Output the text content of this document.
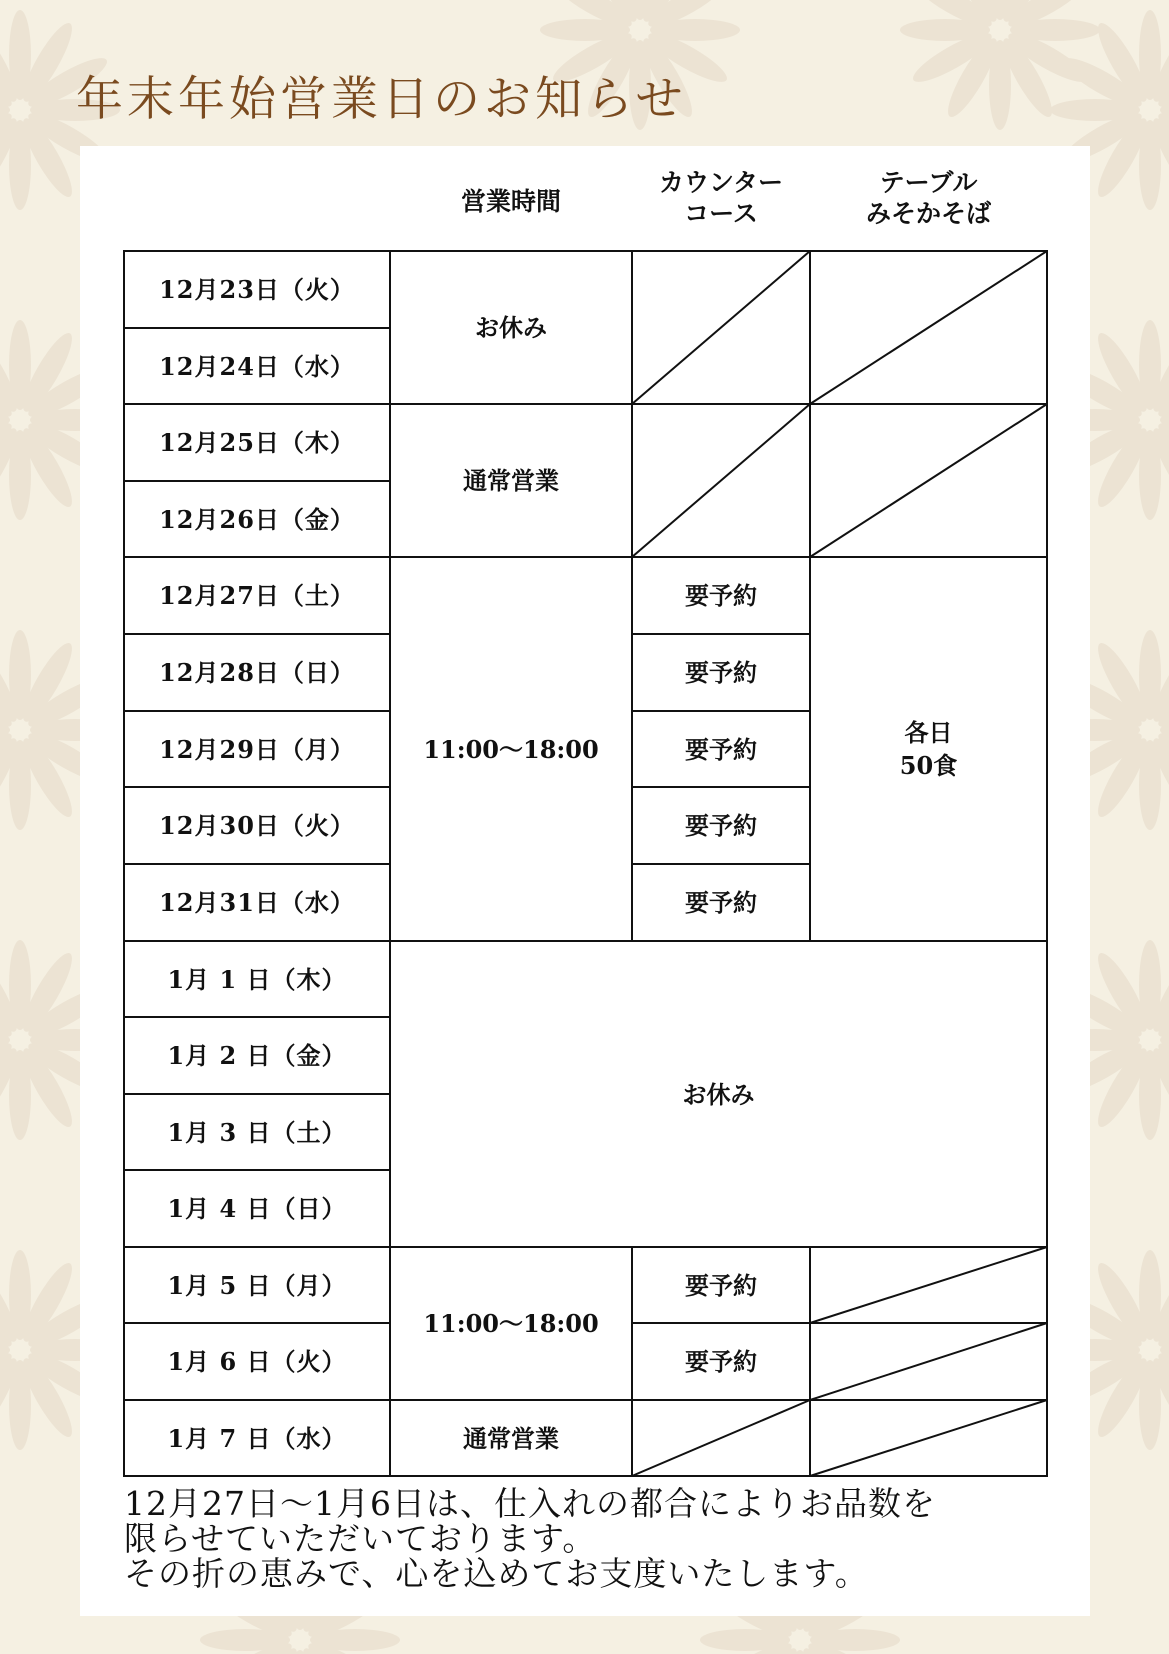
年末年始営業日のお知らせ
営業時間
カウンター
コース
テーブル
みそかそば
12月23日（火）
12月24日（水）
12月25日（木）
12月26日（金）
12月27日（土）
12月28日（日）
12月29日（月）
12月30日（火）
12月31日（水）
1月 1 日（木）
1月 2 日（金）
1月 3 日（土）
1月 4 日（日）
1月 5 日（月）
1月 6 日（火）
1月 7 日（水）
お休み
通常営業
11:00～18:00
お休み
11:00～18:00
通常営業
要予約
要予約
要予約
要予約
要予約
要予約
要予約
各日
50食
12月27日～1月6日は、仕入れの都合によりお品数を
限らせていただいております。
その折の恵みで、心を込めてお支度いたします。
